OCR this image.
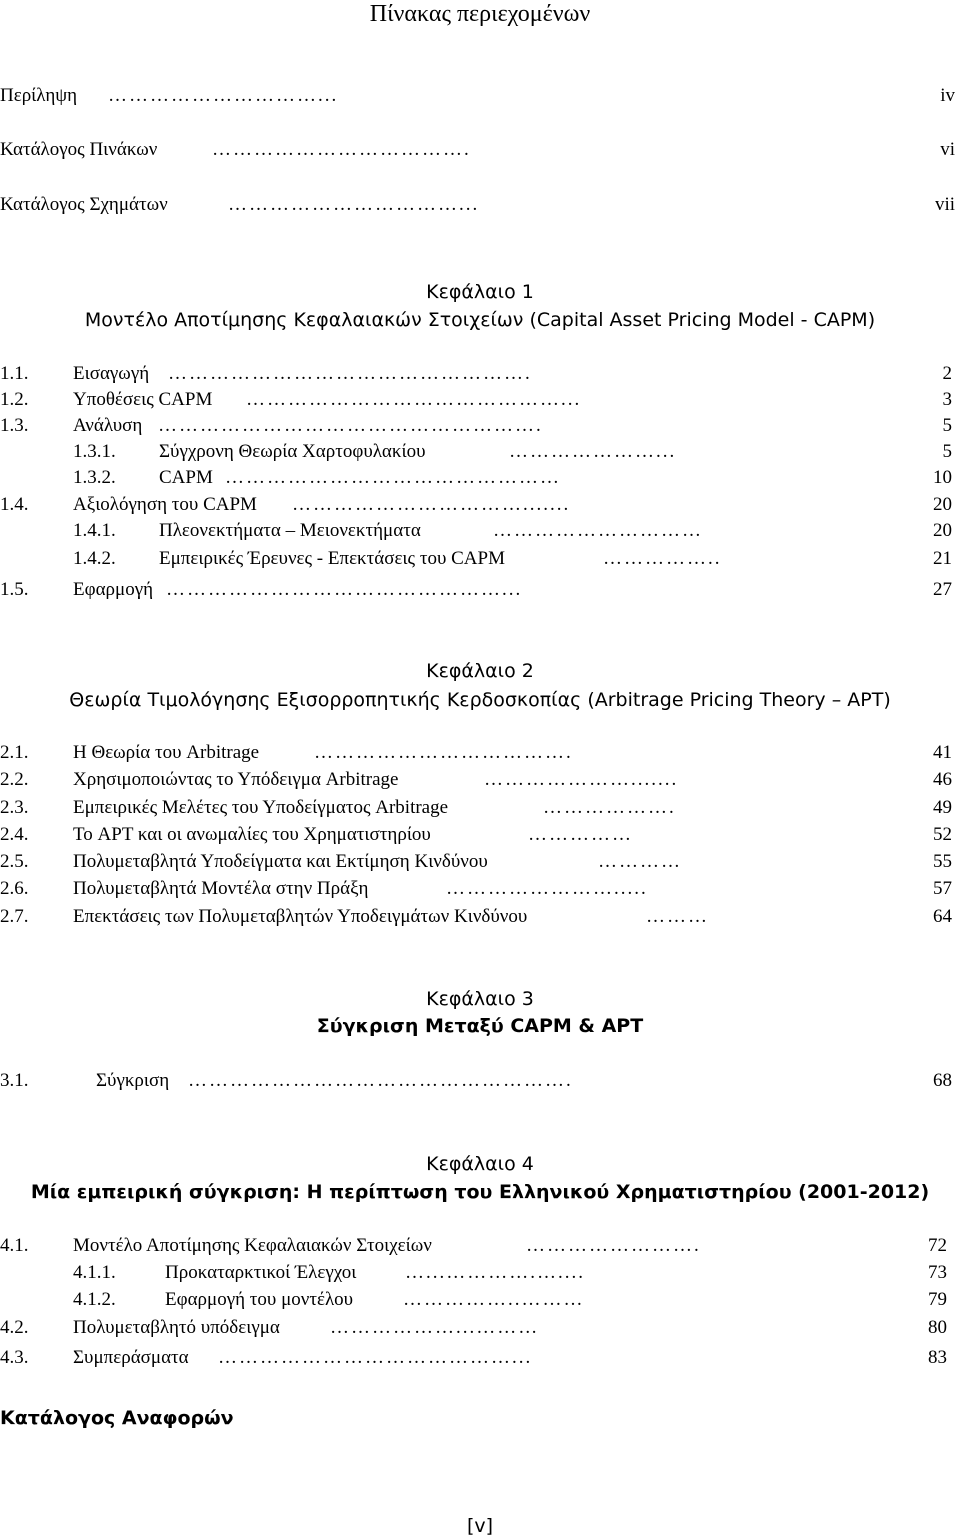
Πίνακας περιεχομένων
Περίληψη …………………………...	iv
Κατάλογος Πινάκων	……………………………….	vi
Κατάλογος Σχημάτων	……………………………...	vii
Κεφάλαιο 1
Μοντέλο Αποτίμησης Κεφαλαιακών Στοιχείων (Capital Asset Pricing Model - CAPM)
1.1. Εισαγωγή …………………………………………….	2
1.2. Υποθέσεις CAPM ………………………………………...	3
1.3. Ανάλυση ……………………………………………….	5
1.3.1. Σύγχρονη Θεωρία Χαρτοφυλακίου	…………………...	5
1.3.2. CAPM …………………………………………	10
1.4. Αξιολόγηση του CAPM …………………………….......	20
1.4.1. Πλεονεκτήματα – Μειονεκτήματα	…………………………	20
1.4.2. Εμπειρικές Έρευνες - Επεκτάσεις του CAPM	……………..	21
1.5. Εφαρμογή …………………………………………...	27
Κεφάλαιο 2
Θεωρία Τιμολόγησης Εξισορροπητικής Κερδοσκοπίας (Arbitrage Pricing Theory – APT)
2.1. Η Θεωρία του Arbitrage	……………………………….	41
2.2. Χρησιμοποιώντας το Υπόδειγμα Arbitrage	………………….......	46
2.3. Εμπειρικές Μελέτες του Υποδείγματος Arbitrage	……………….	49
2.4. Το APT και οι ανωμαλίες του Χρηματιστηρίου	……………	52
2.5. Πολυμεταβλητά Υποδείγματα και Εκτίμηση Κινδύνου	…………	55
2.6. Πολυμεταβλητά Μοντέλα στην Πράξη	…………………….....	57
2.7. Επεκτάσεις των Πολυμεταβλητών Υποδειγμάτων Κινδύνου	………	64
Κεφάλαιο 3
Σύγκριση Μεταξύ CAPM & APT
3.1.	Σύγκριση ……………………………………………….	68
Κεφάλαιο 4
Μία εμπειρική σύγκριση: Η περίπτωση του Ελληνικού Χρηματιστηρίου (2001-2012)
4.1. Μοντέλο Αποτίμησης Κεφαλαιακών Στοιχείων	…………………….	72
4.1.1.	Προκαταρκτικοί Έλεγχοι	…...………….…....	73
4.1.2.	Εφαρμογή του μοντέλου	……………..………	79
4.2. Πολυμεταβλητό υπόδειγμα	………………...………	80
4.3. Συμπεράσματα ……………………………………...	83
Κατάλογος Αναφορών
[v]
